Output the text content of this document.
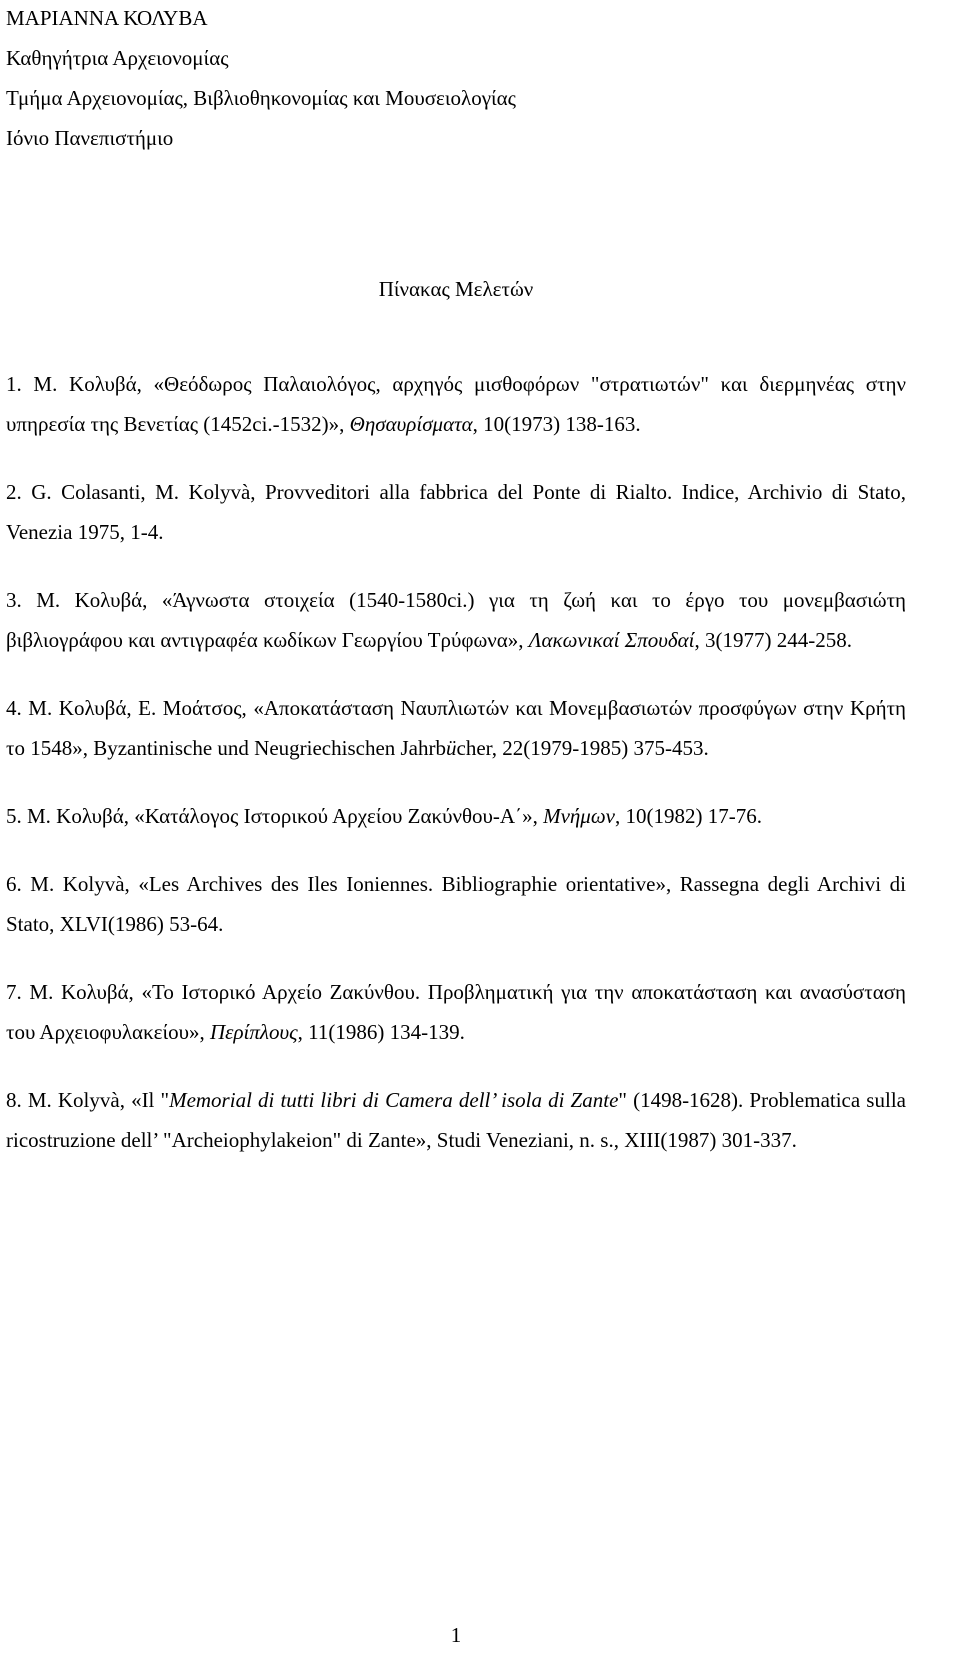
ΜΑΡΙΑΝΝΑ ΚΟΛΥΒΑ
Καθηγήτρια Αρχειονομίας
Τμήμα Αρχειονομίας, Βιβλιοθηκονομίας και Μουσειολογίας
Ιόνιο Πανεπιστήμιο
Πίνακας Μελετών

1. Μ. Κολυβά, «Θεόδωρος Παλαιολόγος, αρχηγός μισθοφόρων "στρατιωτών" και διερμηνέας στην υπηρεσία της Βενετίας (1452ci.-1532)», Θησαυρίσματα, 10(1973) 138-163.

2. G. Colasanti, M. Kolyvà, Provveditori alla fabbrica del Ponte di Rialto. Indice, Archivio di Stato, Venezia 1975, 1-4.

3. Μ. Κολυβά, «Άγνωστα στοιχεία (1540-1580ci.) για τη ζωή και το έργο του μονεμβασιώτη βιβλιογράφου και αντιγραφέα κωδίκων Γεωργίου Τρύφωνα», Λακωνικαί Σπουδαί, 3(1977) 244-258.

4. Μ. Κολυβά, Ε. Μοάτσος, «Αποκατάσταση Ναυπλιωτών και Μονεμβασιωτών προσφύγων στην Κρήτη το 1548», Byzantinische und Neugriechischen Jahrbücher, 22(1979-1985) 375-453.

5. Μ. Κολυβά, «Κατάλογος Ιστορικού Αρχείου Ζακύνθου-Α΄», Μνήμων, 10(1982) 17-76.

6. M. Kolyvà, «Les Archives des Iles Ioniennes. Bibliographie orientative», Rassegna degli Archivi di Stato, XLVI(1986) 53-64.

7. Μ. Κολυβά, «Το Ιστορικό Αρχείο Ζακύνθου. Προβληματική για την αποκατάσταση και ανασύσταση του Αρχειοφυλακείου», Περίπλους, 11(1986) 134-139.

8. M. Kolyvà, «Il "Memorial di tutti libri di Camera dell’ isola di Zante" (1498-1628). Problematica sulla ricostruzione dell’ "Archeiophylakeion" di Zante», Studi Veneziani, n. s., XIII(1987) 301-337.

1
